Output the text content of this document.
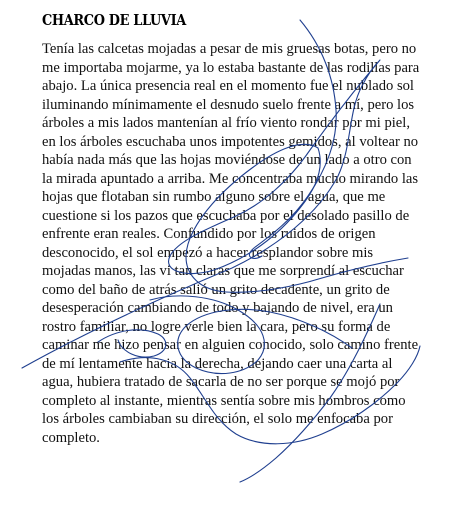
CHARCO DE LLUVIA
Tenía las calcetas mojadas a pesar de mis gruesas botas, pero no
me importaba mojarme, ya lo estaba bastante de las rodillas para
abajo. La única presencia real en el momento fue el nublado sol
iluminando mínimamente el desnudo suelo frente a mí, pero los
árboles a mis lados mantenían al frío viento rondar por mi piel,
en los árboles escuchaba unos impotentes gemidos, al voltear no
había nada más que las hojas moviéndose de un lado a otro con
la mirada apuntado a arriba. Me concentraba mucho mirando las
hojas que flotaban sin rumbo alguno sobre el agua, que me
cuestione si los pazos que escuchaba por el desolado pasillo de
enfrente eran reales. Confundido por los ruidos de origen
desconocido, el sol empezó a hacer resplandor sobre mis
mojadas manos, las vi tan claras que me sorprendí al escuchar
como del baño de atrás salió un grito decadente, un grito de
desesperación cambiando de todo y bajando de nivel, era un
rostro familiar, no logre verle bien la cara, pero su forma de
caminar me hizo pensar en alguien conocido, solo camino frente
de mí lentamente hacia la derecha, dejando caer una carta al
agua, hubiera tratado de sacarla de no ser porque se mojó por
completo al instante, mientras sentía sobre mis hombros como
los árboles cambiaban su dirección, el solo me enfocaba por
completo.
